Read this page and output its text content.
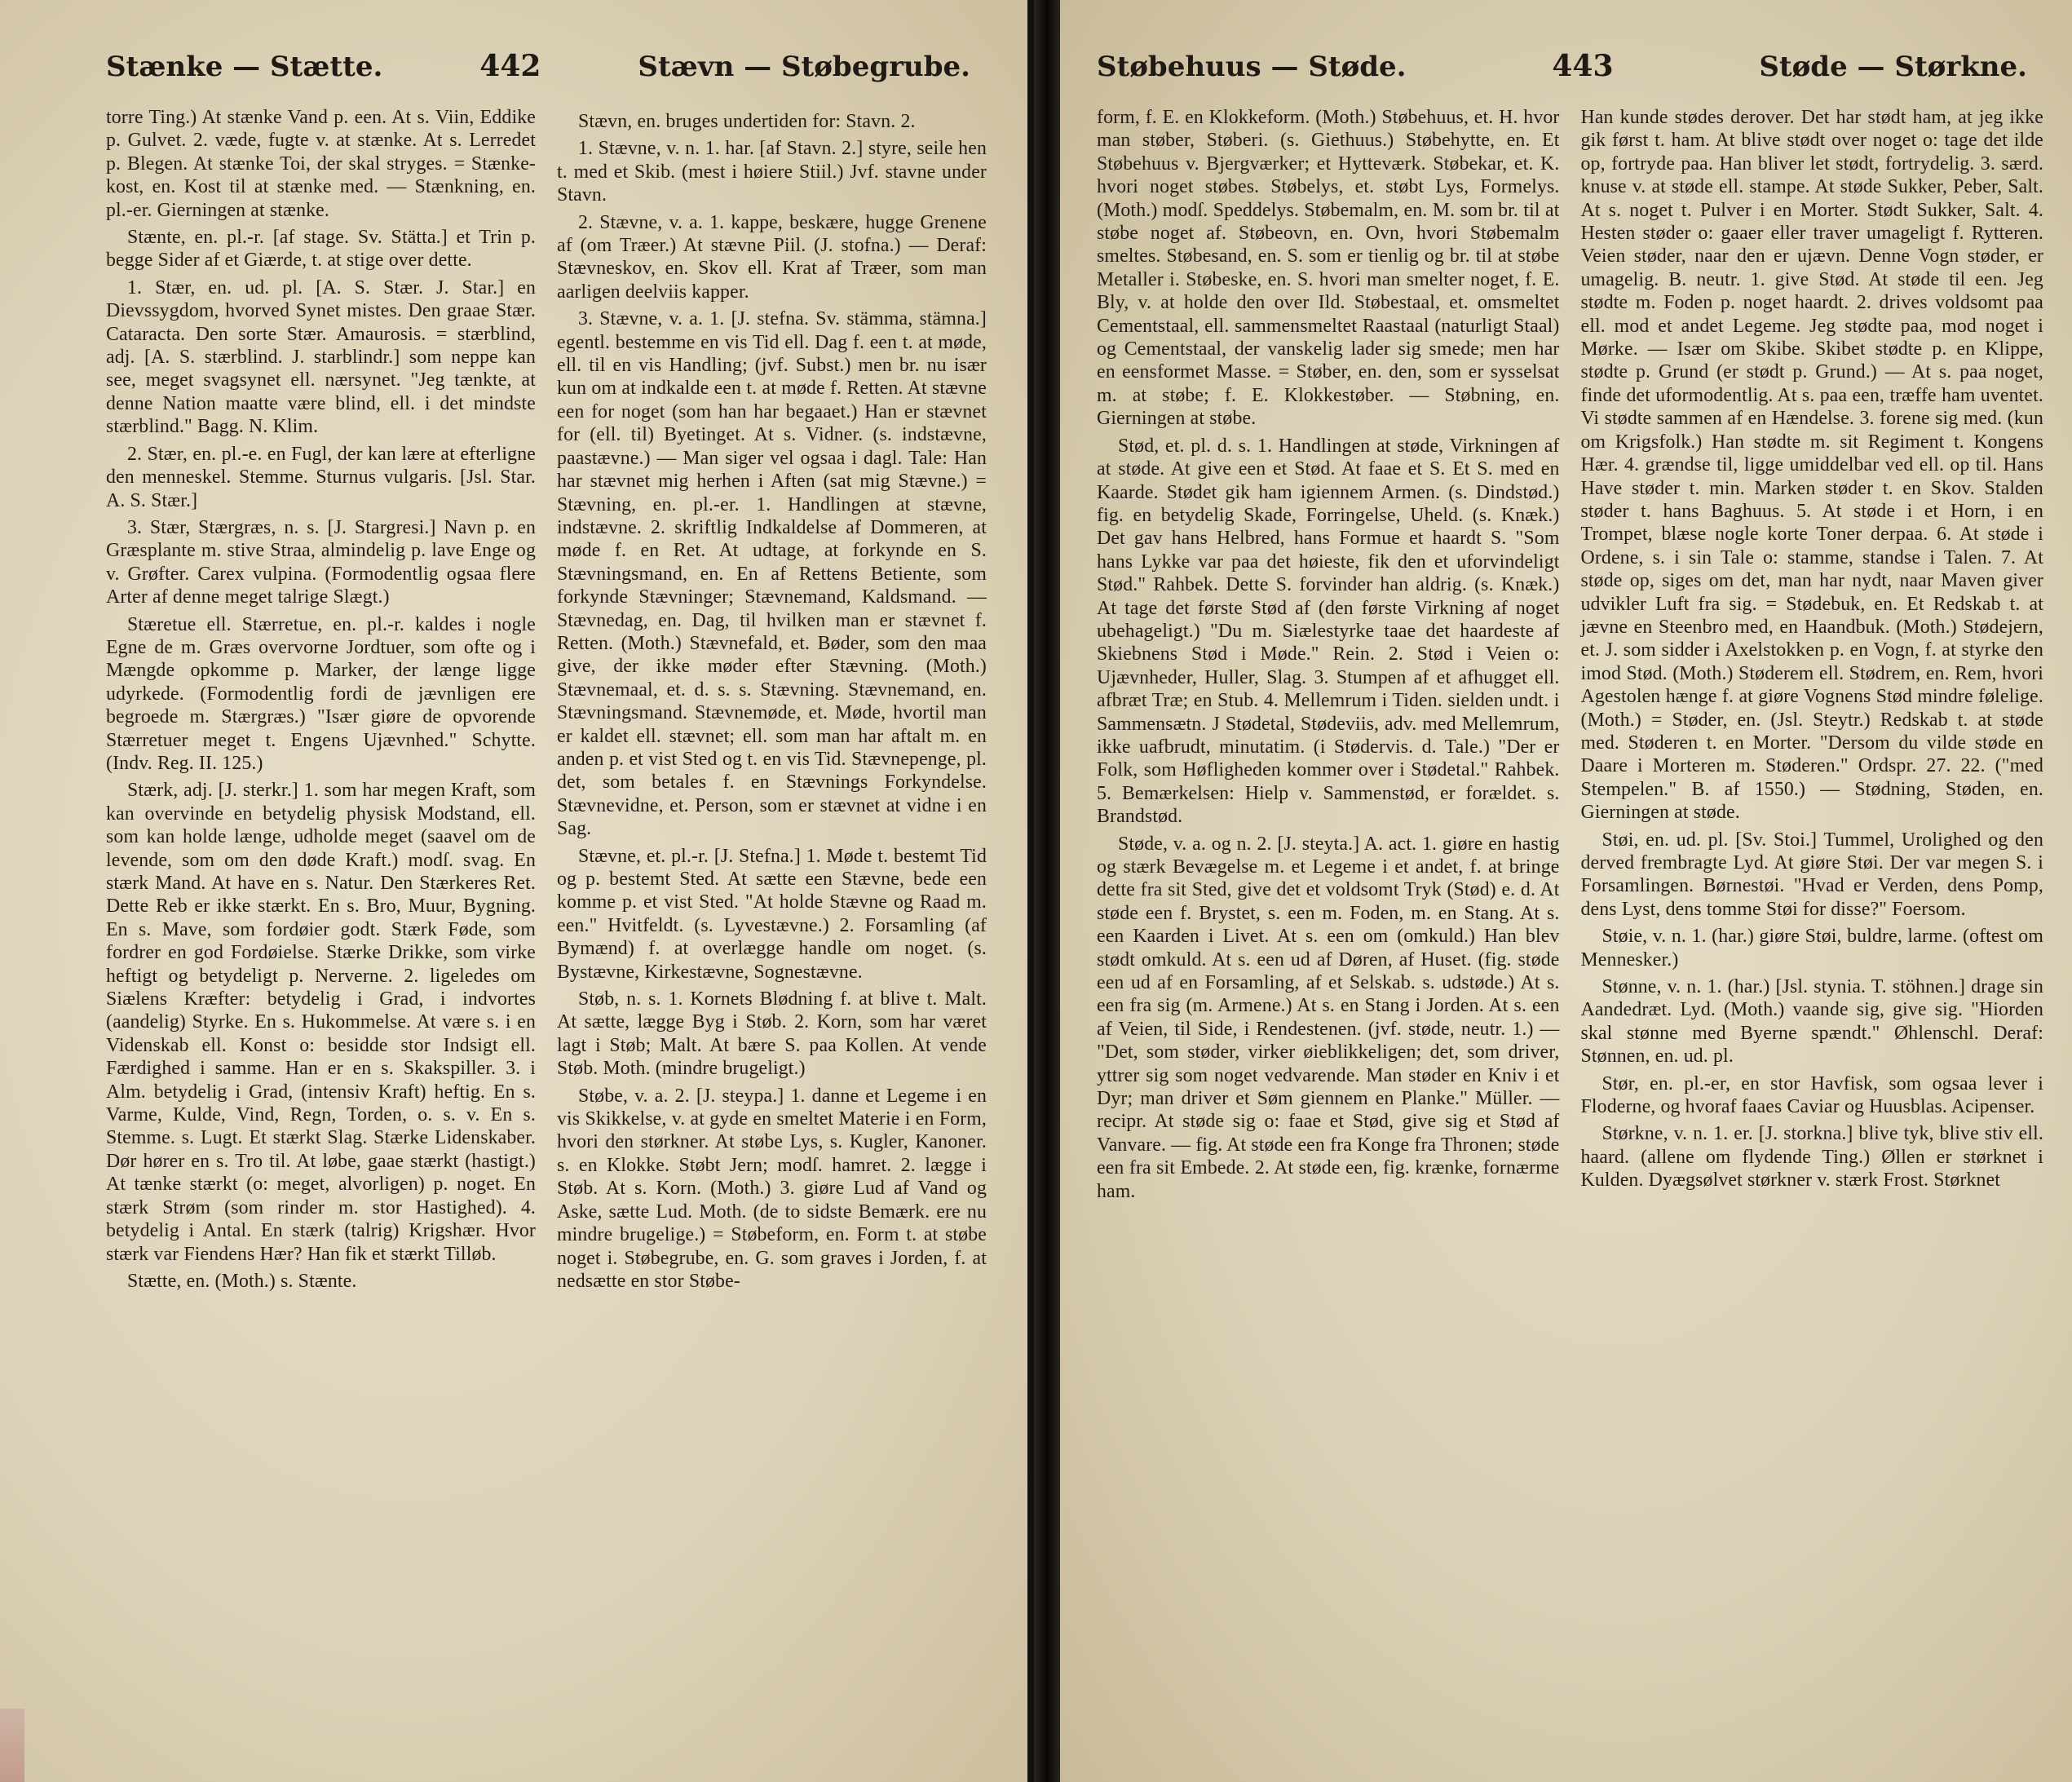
Stænke — Stætte.	442	Stævn — Støbegrube.

torre Ting.) At stænke Vand p. een. At s. Viin, Eddike p. Gulvet. 2. væde, fugte v. at stænke. At s. Lerredet p. Blegen. At stænke Toi, der skal stryges. = Stænke-kost, en. Kost til at stænke med. — Stænkning, en. pl.-er. Gierningen at stænke.

Stænte, en. pl.-r. [af stage. Sv. Stätta.] et Trin p. begge Sider af et Giærde, t. at stige over dette.

1. Stær, en. ud. pl. [A. S. Stær. J. Star.] en Dievssygdom, hvorved Synet mistes. Den graae Stær. Cataracta. Den sorte Stær. Amaurosis. = stærblind, adj. [A. S. stærblind. J. starblindr.] som neppe kan see, meget svagsynet ell. nærsynet. "Jeg tænkte, at denne Nation maatte være blind, ell. i det mindste stærblind." Bagg. N. Klim.

2. Stær, en. pl.-e. en Fugl, der kan lære at efterligne den menneskel. Stemme. Sturnus vulgaris. [Jsl. Star. A. S. Stær.]

3. Stær, Stærgræs, n. s. [J. Stargresi.] Navn p. en Græsplante m. stive Straa, almindelig p. lave Enge og v. Grøfter. Carex vulpina. (Formodentlig ogsaa flere Arter af denne meget talrige Slægt.)

Stæretue ell. Stærretue, en. pl.-r. kaldes i nogle Egne de m. Græs overvorne Jordtuer, som ofte og i Mængde opkomme p. Marker, der længe ligge udyrkede. (Formodentlig fordi de jævnligen ere begroede m. Stærgræs.) "Især giøre de opvorende Stærretuer meget t. Engens Ujævnhed." Schytte. (Indv. Reg. II. 125.)

Stærk, adj. [J. sterkr.] 1. som har megen Kraft, som kan overvinde en betydelig physisk Modstand, ell. som kan holde længe, udholde meget (saavel om de levende, som om den døde Kraft.) modſ. svag. En stærk Mand. At have en s. Natur. Den Stærkeres Ret. Dette Reb er ikke stærkt. En s. Bro, Muur, Bygning. En s. Mave, som fordøier godt. Stærk Føde, som fordrer en god Fordøielse. Stærke Drikke, som virke heftigt og betydeligt p. Nerverne. 2. ligeledes om Siælens Kræfter: betydelig i Grad, i indvortes (aandelig) Styrke. En s. Hukommelse. At være s. i en Videnskab ell. Konst o: besidde stor Indsigt ell. Færdighed i samme. Han er en s. Skakspiller. 3. i Alm. betydelig i Grad, (intensiv Kraft) heftig. En s. Varme, Kulde, Vind, Regn, Torden, o. s. v. En s. Stemme. s. Lugt. Et stærkt Slag. Stærke Lidenskaber. Dør hører en s. Tro til. At løbe, gaae stærkt (hastigt.) At tænke stærkt (o: meget, alvorligen) p. noget. En stærk Strøm (som rinder m. stor Hastighed). 4. betydelig i Antal. En stærk (talrig) Krigshær. Hvor stærk var Fiendens Hær? Han fik et stærkt Tilløb.

Stætte, en. (Moth.) s. Stænte.

Stævn, en. bruges undertiden for: Stavn. 2.

1. Stævne, v. n. 1. har. [af Stavn. 2.] styre, seile hen t. med et Skib. (mest i høiere Stiil.) Jvf. stavne under Stavn.

2. Stævne, v. a. 1. kappe, beskære, hugge Grenene af (om Træer.) At stævne Piil. (J. stofna.) — Deraf: Stævneskov, en. Skov ell. Krat af Træer, som man aarligen deelviis kapper.

3. Stævne, v. a. 1. [J. stefna. Sv. stämma, stämna.] egentl. bestemme en vis Tid ell. Dag f. een t. at møde, ell. til en vis Handling; (jvf. Subst.) men br. nu især kun om at indkalde een t. at møde f. Retten. At stævne een for noget (som han har begaaet.) Han er stævnet for (ell. til) Byetinget. At s. Vidner. (s. indstævne, paastævne.) — Man siger vel ogsaa i dagl. Tale: Han har stævnet mig herhen i Aften (sat mig Stævne.) = Stævning, en. pl.-er. 1. Handlingen at stævne, indstævne. 2. skriftlig Indkaldelse af Dommeren, at møde f. en Ret. At udtage, at forkynde en S. Stævningsmand, en. En af Rettens Betiente, som forkynde Stævninger; Stævnemand, Kaldsmand. — Stævnedag, en. Dag, til hvilken man er stævnet f. Retten. (Moth.) Stævnefald, et. Bøder, som den maa give, der ikke møder efter Stævning. (Moth.) Stævnemaal, et. d. s. s. Stævning. Stævnemand, en. Stævningsmand. Stævnemøde, et. Møde, hvortil man er kaldet ell. stævnet; ell. som man har aftalt m. en anden p. et vist Sted og t. en vis Tid. Stævnepenge, pl. det, som betales f. en Stævnings Forkyndelse. Stævnevidne, et. Person, som er stævnet at vidne i en Sag.

Stævne, et. pl.-r. [J. Stefna.] 1. Møde t. bestemt Tid og p. bestemt Sted. At sætte een Stævne, bede een komme p. et vist Sted. "At holde Stævne og Raad m. een." Hvitfeldt. (s. Lyvestævne.) 2. Forsamling (af Bymænd) f. at overlægge handle om noget. (s. Bystævne, Kirkestævne, Sognestævne.

Støb, n. s. 1. Kornets Blødning f. at blive t. Malt. At sætte, lægge Byg i Støb. 2. Korn, som har været lagt i Støb; Malt. At bære S. paa Kollen. At vende Støb. Moth. (mindre brugeligt.)

Støbe, v. a. 2. [J. steypa.] 1. danne et Legeme i en vis Skikkelse, v. at gyde en smeltet Materie i en Form, hvori den størkner. At støbe Lys, s. Kugler, Kanoner. s. en Klokke. Støbt Jern; modſ. hamret. 2. lægge i Støb. At s. Korn. (Moth.) 3. giøre Lud af Vand og Aske, sætte Lud. Moth. (de to sidste Bemærk. ere nu mindre brugelige.) = Støbeform, en. Form t. at støbe noget i. Støbegrube, en. G. som graves i Jorden, f. at nedsætte en stor Støbe-

Støbehuus — Støde.	443	Støde — Størkne.

form, f. E. en Klokkeform. (Moth.) Støbehuus, et. H. hvor man støber, Støberi. (s. Giethuus.) Støbehytte, en. Et Støbehuus v. Bjergværker; et Hytteværk. Støbekar, et. K. hvori noget støbes. Støbelys, et. støbt Lys, Formelys. (Moth.) modſ. Speddelys. Støbemalm, en. M. som br. til at støbe noget af. Støbeovn, en. Ovn, hvori Støbemalm smeltes. Støbesand, en. S. som er tienlig og br. til at støbe Metaller i. Støbeske, en. S. hvori man smelter noget, f. E. Bly, v. at holde den over Ild. Støbestaal, et. omsmeltet Cementstaal, ell. sammensmeltet Raastaal (naturligt Staal) og Cementstaal, der vanskelig lader sig smede; men har en eensformet Masse. = Støber, en. den, som er sysselsat m. at støbe; f. E. Klokkestøber. — Støbning, en. Gierningen at støbe.

Stød, et. pl. d. s. 1. Handlingen at støde, Virkningen af at støde. At give een et Stød. At faae et S. Et S. med en Kaarde. Stødet gik ham igiennem Armen. (s. Dindstød.) fig. en betydelig Skade, Forringelse, Uheld. (s. Knæk.) Det gav hans Helbred, hans Formue et haardt S. "Som hans Lykke var paa det høieste, fik den et uforvindeligt Stød." Rahbek. Dette S. forvinder han aldrig. (s. Knæk.) At tage det første Stød af (den første Virkning af noget ubehageligt.) "Du m. Siælestyrke taae det haardeste af Skiebnens Stød i Møde." Rein. 2. Stød i Veien o: Ujævnheder, Huller, Slag. 3. Stumpen af et afhugget ell. afbræt Træ; en Stub. 4. Mellemrum i Tiden. sielden undt. i Sammensætn. J Stødetal, Stødeviis, adv. med Mellemrum, ikke uafbrudt, minutatim. (i Stødervis. d. Tale.) "Der er Folk, som Høfligheden kommer over i Stødetal." Rahbek. 5. Bemærkelsen: Hielp v. Sammenstød, er forældet. s. Brandstød.

Støde, v. a. og n. 2. [J. steyta.] A. act. 1. giøre en hastig og stærk Bevægelse m. et Legeme i et andet, f. at bringe dette fra sit Sted, give det et voldsomt Tryk (Stød) e. d. At støde een f. Brystet, s. een m. Foden, m. en Stang. At s. een Kaarden i Livet. At s. een om (omkuld.) Han blev stødt omkuld. At s. een ud af Døren, af Huset. (fig. støde een ud af en Forsamling, af et Selskab. s. udstøde.) At s. een fra sig (m. Armene.) At s. en Stang i Jorden. At s. een af Veien, til Side, i Rendestenen. (jvf. støde, neutr. 1.) — "Det, som støder, virker øieblikkeligen; det, som driver, yttrer sig som noget vedvarende. Man støder en Kniv i et Dyr; man driver et Søm giennem en Planke." Müller. — recipr. At støde sig o: faae et Stød, give sig et Stød af Vanvare. — fig. At støde een fra Konge fra Thronen; støde een fra sit Embede. 2. At støde een, fig. krænke, fornærme ham.

Han kunde stødes derover. Det har stødt ham, at jeg ikke gik først t. ham. At blive stødt over noget o: tage det ilde op, fortryde paa. Han bliver let stødt, fortrydelig. 3. særd. knuse v. at støde ell. stampe. At støde Sukker, Peber, Salt. At s. noget t. Pulver i en Morter. Stødt Sukker, Salt. 4. Hesten støder o: gaaer eller traver umageligt f. Rytteren. Veien støder, naar den er ujævn. Denne Vogn støder, er umagelig. B. neutr. 1. give Stød. At støde til een. Jeg stødte m. Foden p. noget haardt. 2. drives voldsomt paa ell. mod et andet Legeme. Jeg stødte paa, mod noget i Mørke. — Især om Skibe. Skibet stødte p. en Klippe, stødte p. Grund (er stødt p. Grund.) — At s. paa noget, finde det uformodentlig. At s. paa een, træffe ham uventet. Vi stødte sammen af en Hændelse. 3. forene sig med. (kun om Krigsfolk.) Han stødte m. sit Regiment t. Kongens Hær. 4. grændse til, ligge umiddelbar ved ell. op til. Hans Have støder t. min. Marken støder t. en Skov. Stalden støder t. hans Baghuus. 5. At støde i et Horn, i en Trompet, blæse nogle korte Toner derpaa. 6. At støde i Ordene, s. i sin Tale o: stamme, standse i Talen. 7. At støde op, siges om det, man har nydt, naar Maven giver udvikler Luft fra sig. = Stødebuk, en. Et Redskab t. at jævne en Steenbro med, en Haandbuk. (Moth.) Stødejern, et. J. som sidder i Axelstokken p. en Vogn, f. at styrke den imod Stød. (Moth.) Støderem ell. Stødrem, en. Rem, hvori Agestolen hænge f. at giøre Vognens Stød mindre følelige. (Moth.) = Støder, en. (Jsl. Steytr.) Redskab t. at støde med. Støderen t. en Morter. "Dersom du vilde støde en Daare i Morteren m. Støderen." Ordspr. 27. 22. ("med Stempelen." B. af 1550.) — Stødning, Støden, en. Gierningen at støde.

Støi, en. ud. pl. [Sv. Stoi.] Tummel, Urolighed og den derved frembragte Lyd. At giøre Støi. Der var megen S. i Forsamlingen. Børnestøi. "Hvad er Verden, dens Pomp, dens Lyst, dens tomme Støi for disse?" Foersom.

Støie, v. n. 1. (har.) giøre Støi, buldre, larme. (oftest om Mennesker.)

Stønne, v. n. 1. (har.) [Jsl. stynia. T. stöhnen.] drage sin Aandedræt. Lyd. (Moth.) vaande sig, give sig. "Hiorden skal stønne med Byerne spændt." Øhlenschl. Deraf: Stønnen, en. ud. pl.

Stør, en. pl.-er, en stor Havfisk, som ogsaa lever i Floderne, og hvoraf faaes Caviar og Huusblas. Acipenser.

Størkne, v. n. 1. er. [J. storkna.] blive tyk, blive stiv ell. haard. (allene om flydende Ting.) Øllen er størknet i Kulden. Dyægsølvet størkner v. stærk Frost. Størknet
